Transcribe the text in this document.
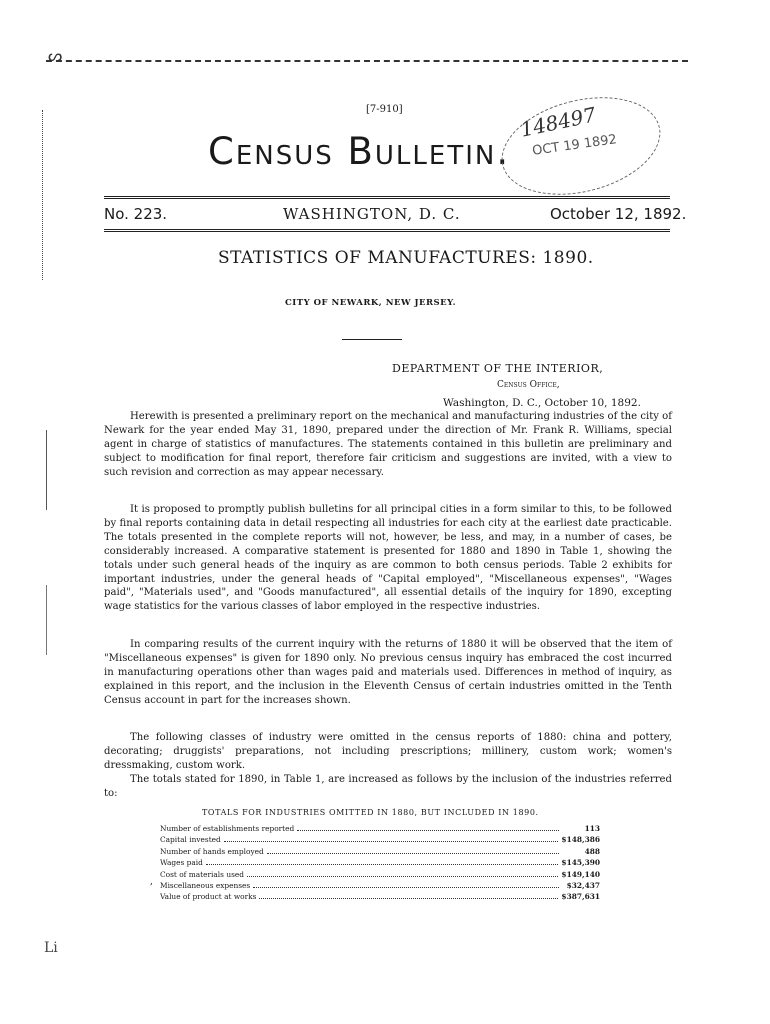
ᔕ
[7-910]
Census Bulletin.
148497
OCT 19 1892
No. 223.	WASHINGTON, D. C.	October 12, 1892.
STATISTICS OF MANUFACTURES: 1890.
CITY OF NEWARK, NEW JERSEY.
DEPARTMENT OF THE INTERIOR,
Census Office,
Washington, D. C., October 10, 1892.

Herewith is presented a preliminary report on the mechanical and manufacturing industries of the city of Newark for the year ended May 31, 1890, prepared under the direction of Mr. Frank R. Williams, special agent in charge of statistics of manufactures. The statements contained in this bulletin are preliminary and subject to modification for final report, therefore fair criticism and suggestions are invited, with a view to such revision and correction as may appear necessary.

It is proposed to promptly publish bulletins for all principal cities in a form similar to this, to be followed by final reports containing data in detail respecting all industries for each city at the earliest date practicable. The totals presented in the complete reports will not, however, be less, and may, in a number of cases, be considerably increased. A comparative statement is presented for 1880 and 1890 in Table 1, showing the totals under such general heads of the inquiry as are common to both census periods. Table 2 exhibits for important industries, under the general heads of "Capital employed", "Miscellaneous expenses", "Wages paid", "Materials used", and "Goods manufactured", all essential details of the inquiry for 1890, excepting wage statistics for the various classes of labor employed in the respective industries.

In comparing results of the current inquiry with the returns of 1880 it will be observed that the item of "Miscellaneous expenses" is given for 1890 only. No previous census inquiry has embraced the cost incurred in manufacturing operations other than wages paid and materials used. Differences in method of inquiry, as explained in this report, and the inclusion in the Eleventh Census of certain industries omitted in the Tenth Census account in part for the increases shown.

The following classes of industry were omitted in the census reports of 1880: china and pottery, decorating; druggists' preparations, not including prescriptions; millinery, custom work; women's dressmaking, custom work.

The totals stated for 1890, in Table 1, are increased as follows by the inclusion of the industries referred to:

TOTALS FOR INDUSTRIES OMITTED IN 1880, BUT INCLUDED IN 1890.
Number of establishments reported	113
Capital invested	$148,386
Number of hands employed	488
Wages paid	$145,390
Cost of materials used	$149,140
Miscellaneous expenses	$32,437
Value of product at works	$387,631
,
Li
